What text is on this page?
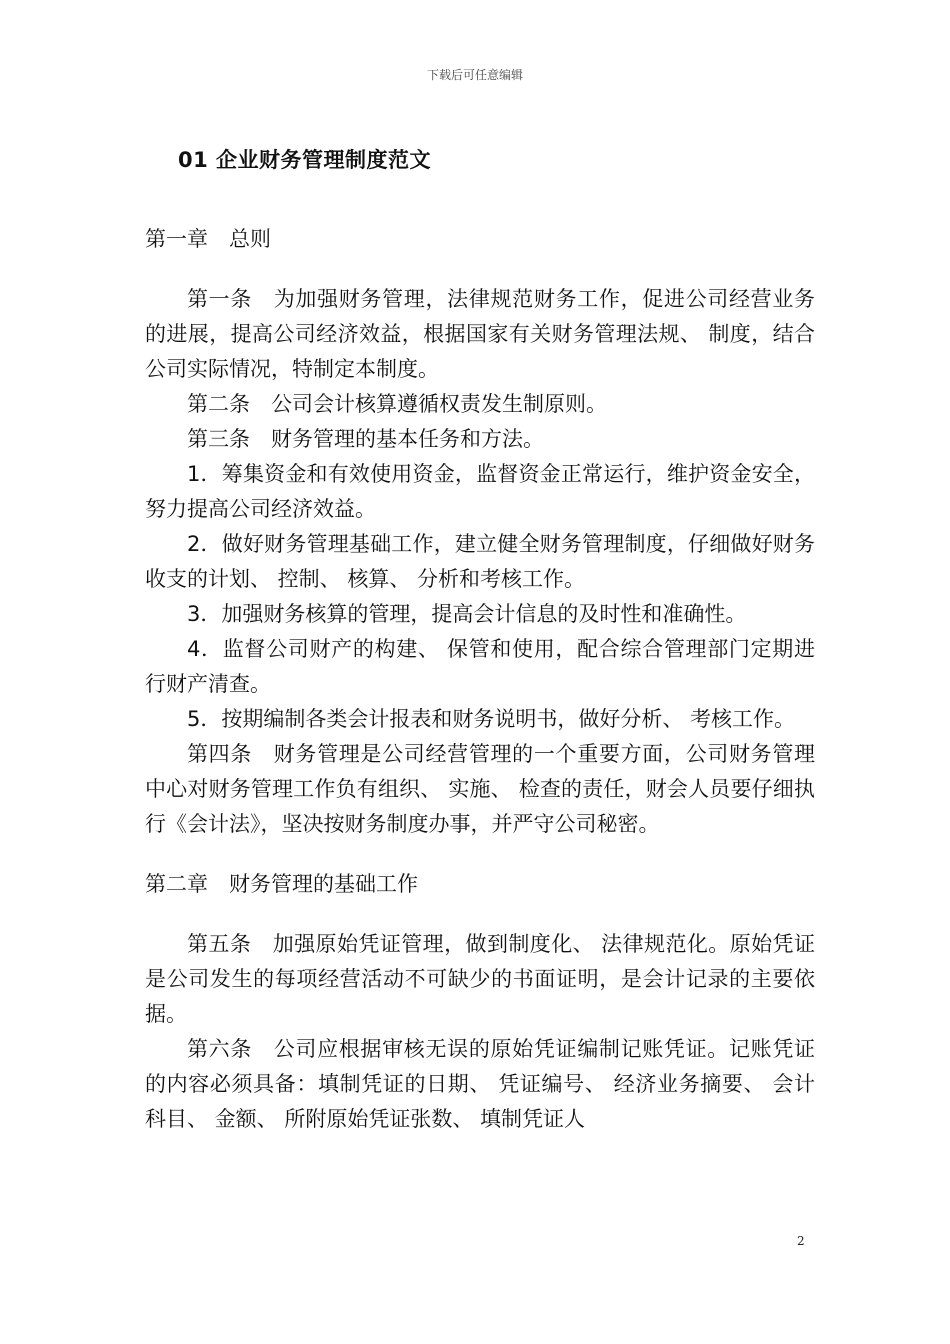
下载后可任意编辑
01 企业财务管理制度范文

第一章　总则

第一条　为加强财务管理，法律规范财务工作，促进公司经营业务的进展，提高公司经济效益，根据国家有关财务管理法规、 制度，结合公司实际情况，特制定本制度。

第二条　公司会计核算遵循权责发生制原则。

第三条　财务管理的基本任务和方法。

1．筹集资金和有效使用资金，监督资金正常运行，维护资金安全，努力提高公司经济效益。

2．做好财务管理基础工作，建立健全财务管理制度，仔细做好财务收支的计划、 控制、 核算、 分析和考核工作。

3．加强财务核算的管理，提高会计信息的及时性和准确性。

4．监督公司财产的构建、 保管和使用，配合综合管理部门定期进行财产清查。

5．按期编制各类会计报表和财务说明书，做好分析、 考核工作。

第四条　财务管理是公司经营管理的一个重要方面，公司财务管理中心对财务管理工作负有组织、 实施、 检查的责任，财会人员要仔细执行《会计法》，坚决按财务制度办事，并严守公司秘密。

第二章　财务管理的基础工作

第五条　加强原始凭证管理，做到制度化、 法律规范化。原始凭证是公司发生的每项经营活动不可缺少的书面证明，是会计记录的主要依据。

第六条　公司应根据审核无误的原始凭证编制记账凭证。记账凭证的内容必须具备：填制凭证的日期、 凭证编号、 经济业务摘要、 会计科目、 金额、 所附原始凭证张数、 填制凭证人

2
